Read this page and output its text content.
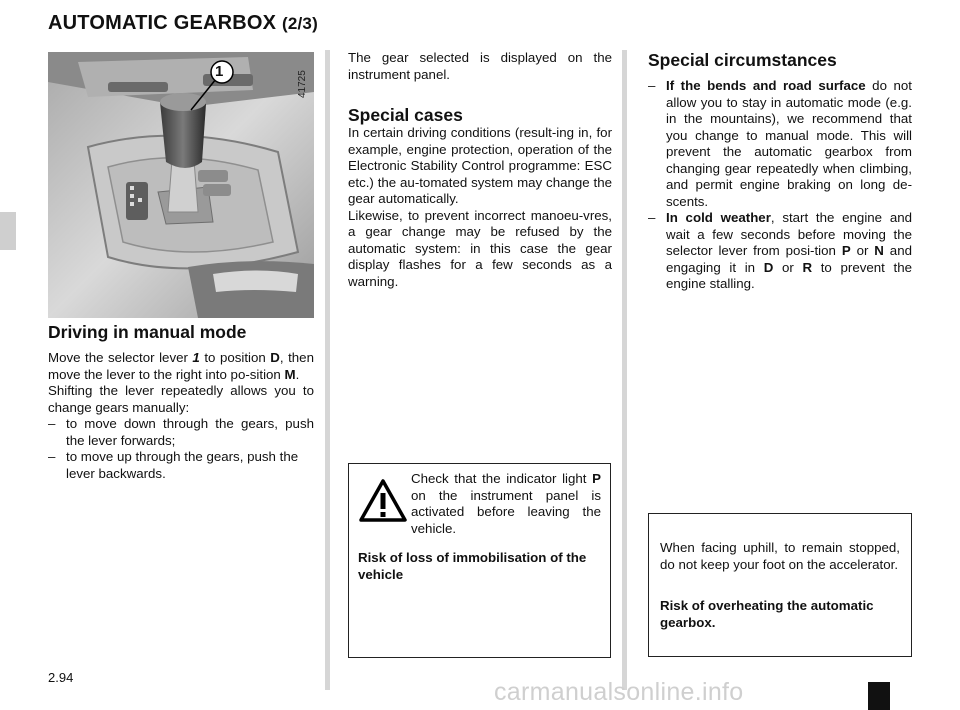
AUTOMATIC GEARBOX (2/3)
1	41725
Driving in manual mode

Move the selector lever 1 to position D, then move the lever to the right into po-sition M.

Shifting the lever repeatedly allows you to change gears manually:

– to move down through the gears, push the lever forwards;
– to move up through the gears, push the lever backwards.

The gear selected is displayed on the instrument panel.

Special cases

In certain driving conditions (result-ing in, for example, engine protection, operation of the Electronic Stability Control programme: ESC etc.) the au-tomated system may change the gear automatically.

Likewise, to prevent incorrect manoeu-vres, a gear change may be refused by the automatic system: in this case the gear display flashes for a few seconds as a warning.

Check that the indicator light P on the instrument panel is activated before leaving the vehicle.

Risk of loss of immobilisation of the vehicle

Special circumstances
– If the bends and road surface do not allow you to stay in automatic mode (e.g. in the mountains), we recommend that you change to manual mode. This will prevent the automatic gearbox from changing gear repeatedly when climbing, and permit engine braking on long de-scents.
– In cold weather, start the engine and wait a few seconds before moving the selector lever from posi-tion P or N and engaging it in D or R to prevent the engine stalling.

When facing uphill, to remain stopped, do not keep your foot on the accelerator.

Risk of overheating the automatic gearbox.

2.94
carmanualsonline.info
